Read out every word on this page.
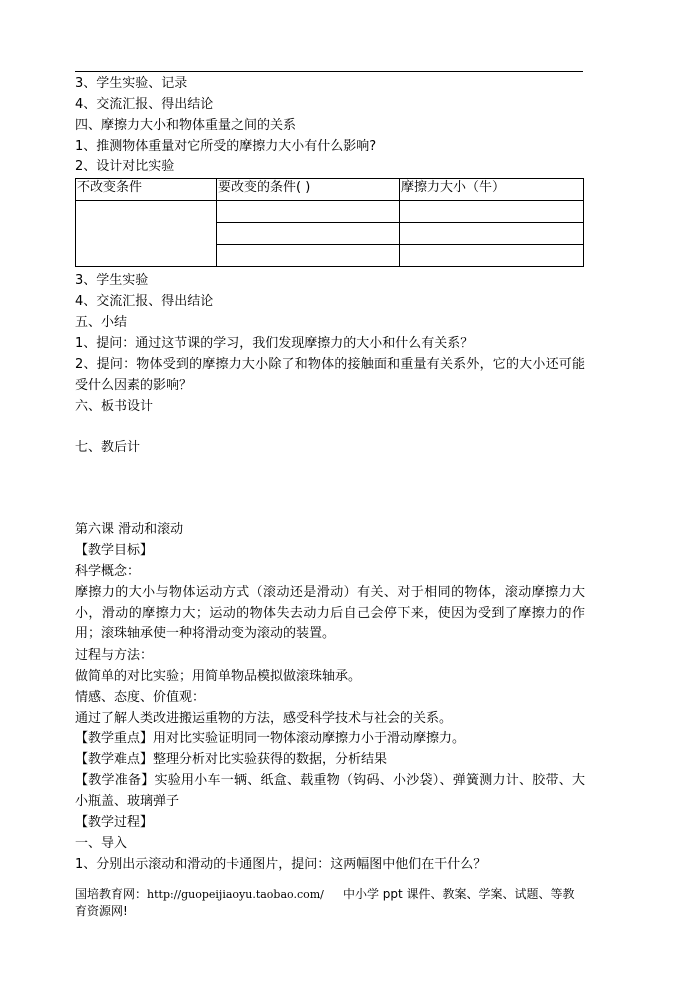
3、学生实验、记录
4、交流汇报、得出结论
四、摩擦力大小和物体重量之间的关系
1、推测物体重量对它所受的摩擦力大小有什么影响?
2、设计对比实验
不改变条件	要改变的条件( )	摩擦力大小（牛）

3、学生实验
4、交流汇报、得出结论
五、小结
1、提问：通过这节课的学习，我们发现摩擦力的大小和什么有关系？
2、提问：物体受到的摩擦力大小除了和物体的接触面和重量有关系外，它的大小还可能受什么因素的影响？
六、板书设计
七、教后计
第六课 滑动和滚动
【教学目标】
科学概念：
摩擦力的大小与物体运动方式（滚动还是滑动）有关、对于相同的物体，滚动摩擦力大小，滑动的摩擦力大；运动的物体失去动力后自己会停下来，使因为受到了摩擦力的作用；滚珠轴承使一种将滑动变为滚动的装置。
过程与方法：
做简单的对比实验；用简单物品模拟做滚珠轴承。
情感、态度、价值观：
通过了解人类改进搬运重物的方法，感受科学技术与社会的关系。
【教学重点】用对比实验证明同一物体滚动摩擦力小于滑动摩擦力。
【教学难点】整理分析对比实验获得的数据，分析结果
【教学准备】实验用小车一辆、纸盒、载重物（钩码、小沙袋）、弹簧测力计、胶带、大小瓶盖、玻璃弹子
【教学过程】
一、导入
1、分别出示滚动和滑动的卡通图片，提问：这两幅图中他们在干什么？
国培教育网：http://guopeijiaoyu.taobao.com/ 中小学 ppt 课件、教案、学案、试题、等教育资源网!
